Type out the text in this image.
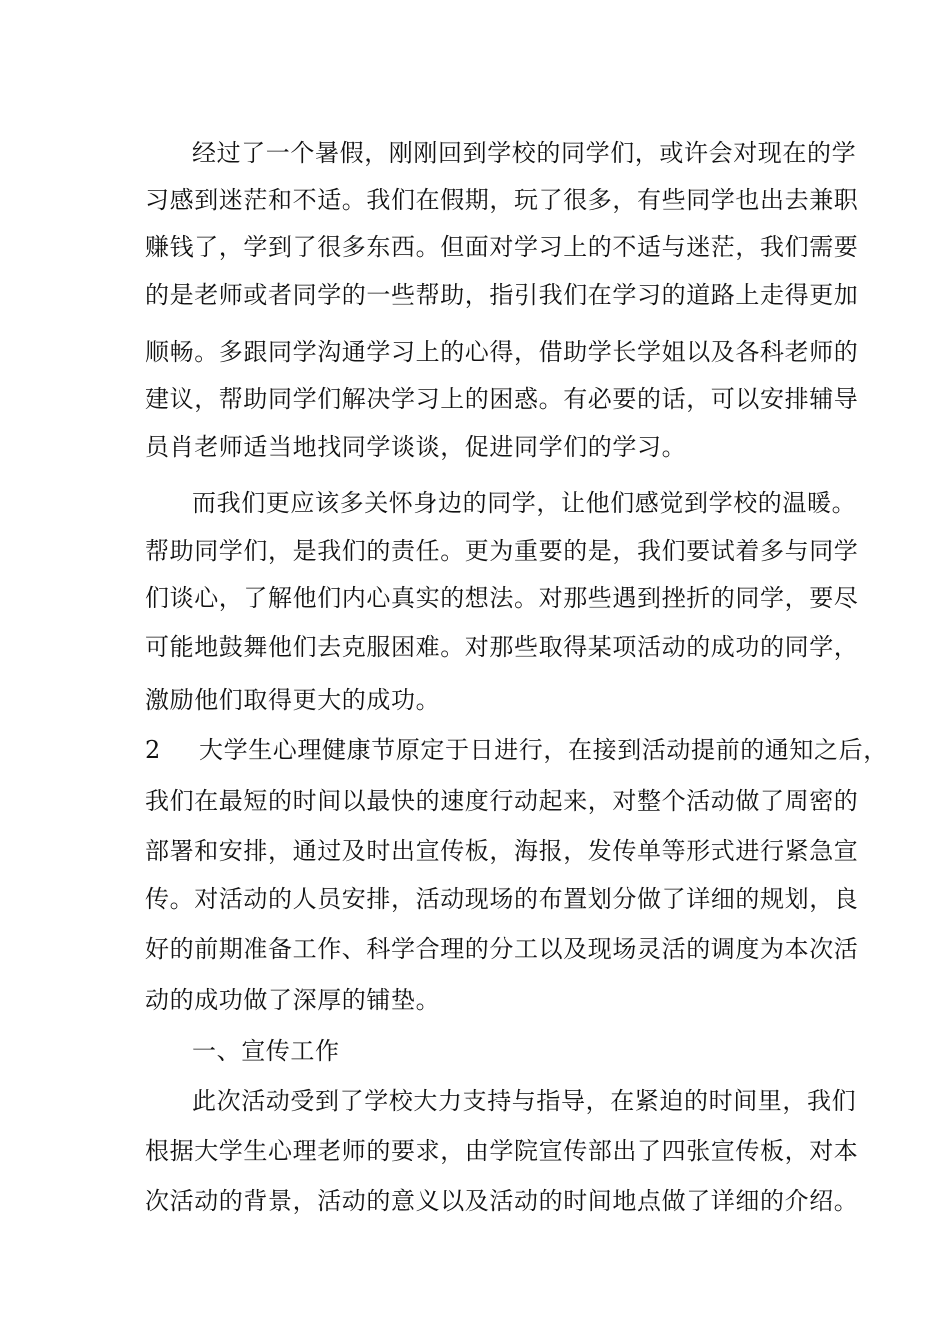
经过了一个暑假，刚刚回到学校的同学们，或许会对现在的学
习感到迷茫和不适。我们在假期，玩了很多，有些同学也出去兼职
赚钱了，学到了很多东西。但面对学习上的不适与迷茫，我们需要
的是老师或者同学的一些帮助，指引我们在学习的道路上走得更加
顺畅。多跟同学沟通学习上的心得，借助学长学姐以及各科老师的
建议，帮助同学们解决学习上的困惑。有必要的话，可以安排辅导
员肖老师适当地找同学谈谈，促进同学们的学习。
而我们更应该多关怀身边的同学，让他们感觉到学校的温暖。
帮助同学们，是我们的责任。更为重要的是，我们要试着多与同学
们谈心，了解他们内心真实的想法。对那些遇到挫折的同学，要尽
可能地鼓舞他们去克服困难。对那些取得某项活动的成功的同学，
激励他们取得更大的成功。
2 大学生心理健康节原定于日进行，在接到活动提前的通知之后，
我们在最短的时间以最快的速度行动起来，对整个活动做了周密的
部署和安排，通过及时出宣传板，海报，发传单等形式进行紧急宣
传。对活动的人员安排，活动现场的布置划分做了详细的规划，良
好的前期准备工作、科学合理的分工以及现场灵活的调度为本次活
动的成功做了深厚的铺垫。
一、宣传工作
此次活动受到了学校大力支持与指导，在紧迫的时间里，我们
根据大学生心理老师的要求，由学院宣传部出了四张宣传板，对本
次活动的背景，活动的意义以及活动的时间地点做了详细的介绍。
